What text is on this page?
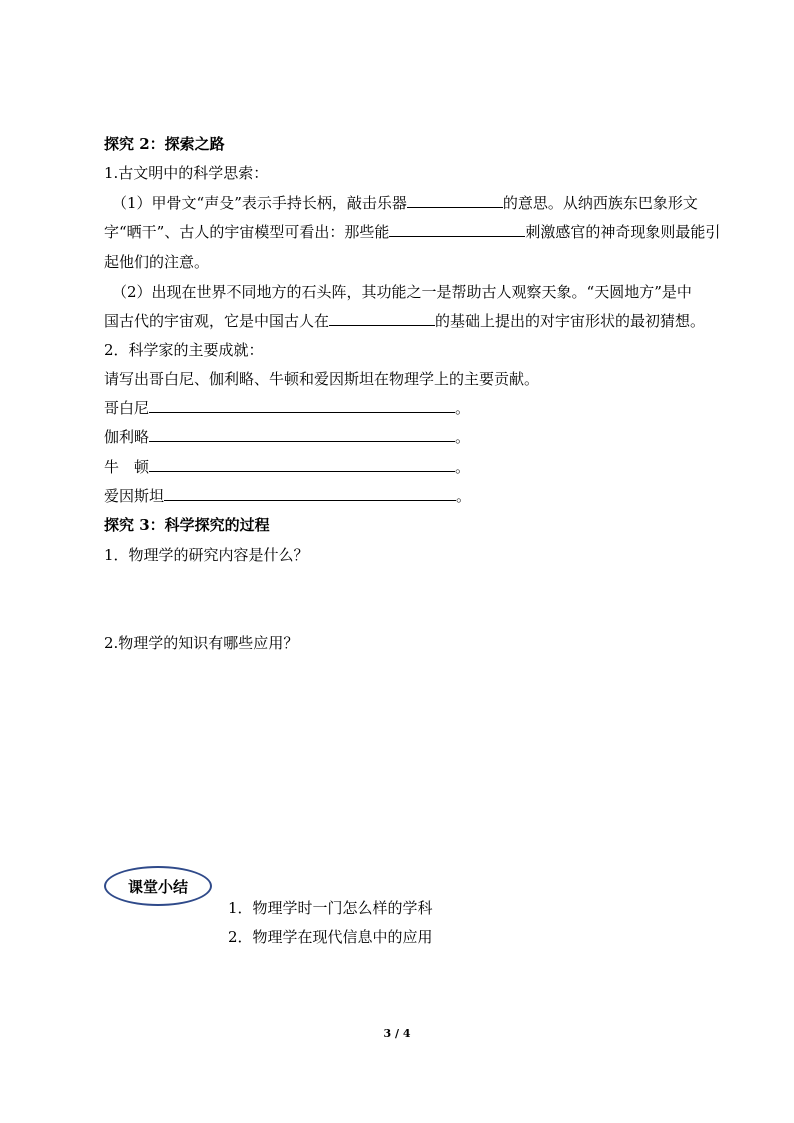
探究 2：探索之路
1.古文明中的科学思索：
（1）甲骨文“声殳”表示手持长柄，敲击乐器	的意思。从纳西族东巴象形文
字“晒干”、古人的宇宙模型可看出：那些能	刺激感官的神奇现象则最能引
起他们的注意。
（2）出现在世界不同地方的石头阵，其功能之一是帮助古人观察天象。“天圆地方”是中
国古代的宇宙观，它是中国古人在	的基础上提出的对宇宙形状的最初猜想。
2．科学家的主要成就：
请写出哥白尼、伽利略、牛顿和爱因斯坦在物理学上的主要贡献。
哥白尼	。
伽利略	。
牛　顿	。
爱因斯坦	。
探究 3：科学探究的过程
1．物理学的研究内容是什么？
2.物理学的知识有哪些应用？
课堂小结
1．物理学时一门怎么样的学科
2．物理学在现代信息中的应用
3 / 4
